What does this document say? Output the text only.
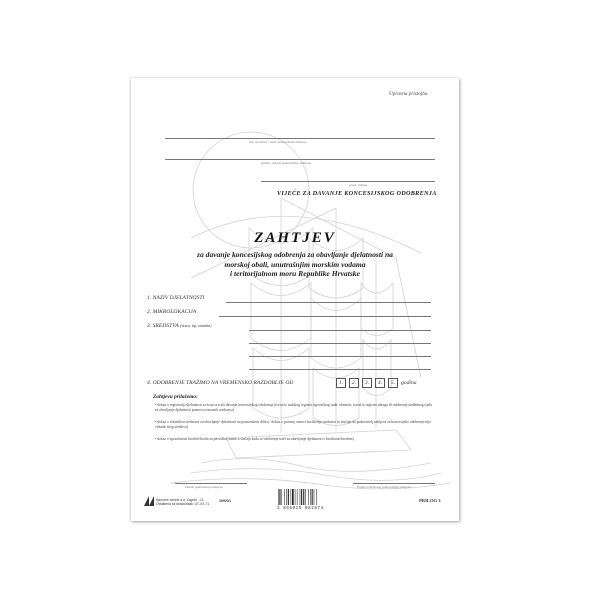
Upravna pristojba
ime i prezime / naziv podnositelja zahtjeva
(prebiv. adresa podnositelja zahtjeva
grad / općina
VIJEĆE ZA DAVANJE KONCESIJSKOG ODOBRENJA
ZAHTJEV
za davanje koncesijskog odobrenja za obavljanje djelatnosti na
morskoj obali, unutrašnjim morskim vodama
i teritorijalnom moru Republike Hrvatske
1. NAZIV DJELATNOSTI
2. MIKROLOKACIJA
3. SREDSTVA (vrsta, tip, oznaka)
4. ODOBRENJE TRAŽIMO NA VREMENSKO RAZDOBLJE OD	1.	2.	3.	4.	5.	godina
Zahtjevu prilažemo:
• dokaz o registraciji djelatnosti za koju se traži davanje koncesijskog odobrenja (izvod iz sudskog registra trgovačkog suda, obrtnica, izvod iz registra udruga ili odobrenje nadležnog tijela za obavljanje djelatnosti pomoću osnovnih sredstava)
• dokaz o vlasništvu sredstava za obavljanje djelatnosti na pomorskom dobru / dokaz o pravnoj osnovi korištenja sredstava (u slučaju da podnositelj zahtjeva za koncesijsko odobrenje nije vlasnik istog sredstva)
• dokaz o sposobnosti brodice/broda za plovidbu (samo u slučaju kada se odobrenje traži za obavljanje djelatnosti s brodicom/brodom)
Datum podnošenja zahtjeva	Potpis ovlaštenog podnositelja zahtjeva
Narodne novine d.d. Zagreb - 11
Ovlaštena za izradu/tisak: UT-XX-71
109201
3 856015 082874
PRILOG 3
